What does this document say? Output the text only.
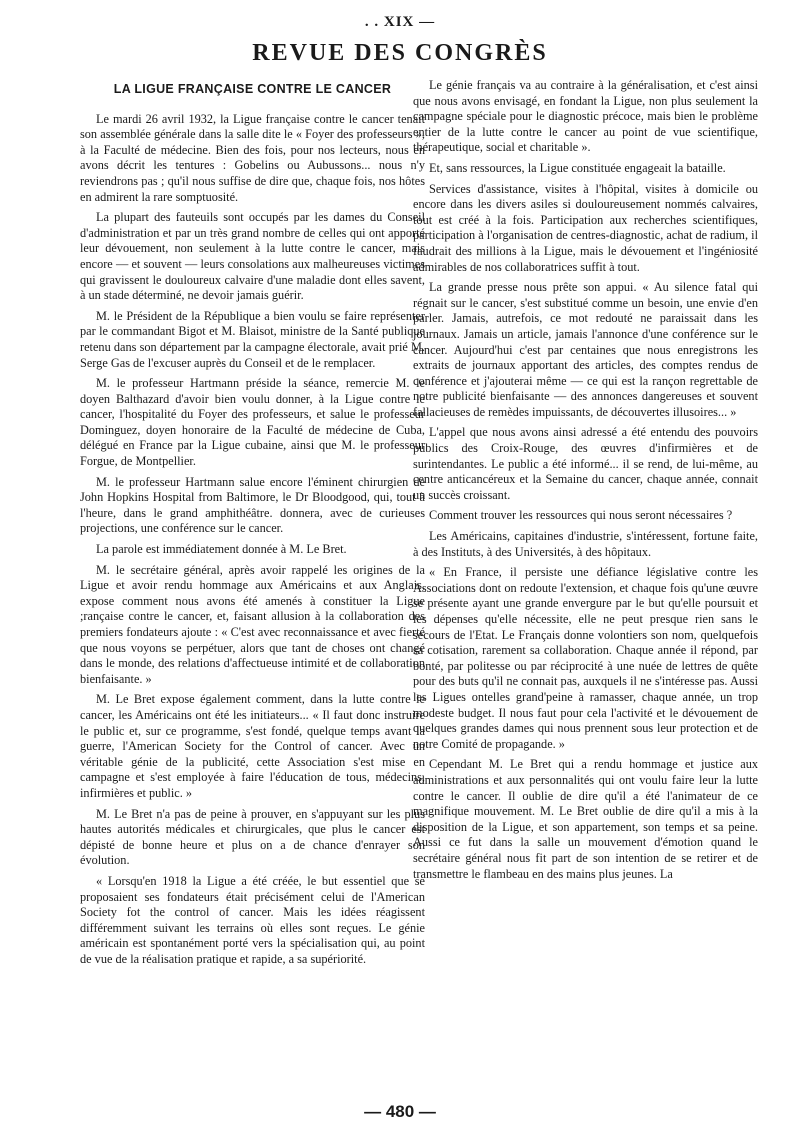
. . XIX —
REVUE DES CONGRÈS
LA LIGUE FRANÇAISE CONTRE LE CANCER

Le mardi 26 avril 1932, la Ligue française contre le cancer tenait son assemblée générale dans la salle dite le « Foyer des professeurs », à la Faculté de médecine. Bien des fois, pour nos lecteurs, nous en avons décrit les tentures : Gobelins ou Aubussons... nous n'y reviendrons pas ; qu'il nous suffise de dire que, chaque fois, nos hôtes en admirent la rare somptuosité.

La plupart des fauteuils sont occupés par les dames du Conseil d'administration et par un très grand nombre de celles qui ont apporté leur dévouement, non seulement à la lutte contre le cancer, mais encore — et souvent — leurs consolations aux malheureuses victimes qui gravissent le douloureux calvaire d'une maladie dont elles savent, à un stade déterminé, ne devoir jamais guérir.

M. le Président de la République a bien voulu se faire représenter par le commandant Bigot et M. Blaisot, ministre de la Santé publique retenu dans son département par la campagne électorale, avait prié M. Serge Gas de l'excuser auprès du Conseil et de le remplacer.

M. le professeur Hartmann préside la séance, remercie M. le doyen Balthazard d'avoir bien voulu donner, à la Ligue contre le cancer, l'hospitalité du Foyer des professeurs, et salue le professeur Dominguez, doyen honoraire de la Faculté de médecine de Cuba, délégué en France par la Ligue cubaine, ainsi que M. le professeur Forgue, de Montpellier.

M. le professeur Hartmann salue encore l'éminent chirurgien de John Hopkins Hospital from Baltimore, le Dr Bloodgood, qui, tout à l'heure, dans le grand amphithéâtre. donnera, avec de curieuses projections, une conférence sur le cancer.

La parole est immédiatement donnée à M. Le Bret.

M. le secrétaire général, après avoir rappelé les origines de la Ligue et avoir rendu hommage aux Américains et aux Anglais, expose comment nous avons été amenés à constituer la Ligue ;rançaise contre le cancer, et, faisant allusion à la collaboration des premiers fondateurs ajoute : « C'est avec reconnaissance et avec fierté que nous voyons se perpétuer, alors que tant de choses ont changé dans le monde, des relations d'affectueuse intimité et de collaboration bienfaisante. »

M. Le Bret expose également comment, dans la lutte contre le cancer, les Américains ont été les initiateurs... « Il faut donc instruire le public et, sur ce programme, s'est fondé, quelque temps avant la guerre, l'American Society for the Control of cancer. Avec un véritable génie de la publicité, cette Association s'est mise en campagne et s'est employée à faire l'éducation de tous, médecins, infirmières et public. »

M. Le Bret n'a pas de peine à prouver, en s'appuyant sur les plus hautes autorités médicales et chirurgicales, que plus le cancer est dépisté de bonne heure et plus on a de chance d'enrayer son évolution.

« Lorsqu'en 1918 la Ligue a été créée, le but essentiel que se proposaient ses fondateurs était précisément celui de l'American Society fot the control of cancer. Mais les idées réagissent différemment suivant les terrains où elles sont reçues. Le génie américain est spontanément porté vers la spécialisation qui, au point de vue de la réalisation pratique et rapide, a sa supériorité.

Le génie français va au contraire à la généralisation, et c'est ainsi que nous avons envisagé, en fondant la Ligue, non plus seulement la campagne spéciale pour le diagnostic précoce, mais bien le problème entier de la lutte contre le cancer au point de vue scientifique, thérapeutique, social et charitable ».

Et, sans ressources, la Ligue constituée engageait la bataille.

Services d'assistance, visites à l'hôpital, visites à domicile ou encore dans les divers asiles si douloureusement nommés calvaires, tout est créé à la fois. Participation aux recherches scientifiques, participation à l'organisation de centres-diagnostic, achat de radium, il faudrait des millions à la Ligue, mais le dévouement et l'ingéniosité admirables de nos collaboratrices suffit à tout.

La grande presse nous prête son appui. « Au silence fatal qui régnait sur le cancer, s'est substitué comme un besoin, une envie d'en parler. Jamais, autrefois, ce mot redouté ne paraissait dans les journaux. Jamais un article, jamais l'annonce d'une conférence sur le cancer. Aujourd'hui c'est par centaines que nous enregistrons les extraits de journaux apportant des articles, des comptes rendus de conférence et j'ajouterai même — ce qui est la rançon regrettable de notre publicité bienfaisante — des annonces dangereuses et souvent fallacieuses de remèdes impuissants, de découvertes illusoires... »

L'appel que nous avons ainsi adressé a été entendu des pouvoirs publics des Croix-Rouge, des œuvres d'infirmières et de surintendantes. Le public a été informé... il se rend, de lui-même, au centre anticancéreux et la Semaine du cancer, chaque année, connait un succès croissant.

Comment trouver les ressources qui nous seront nécessaires ?

Les Américains, capitaines d'industrie, s'intéressent, fortune faite, à des Instituts, à des Universités, à des hôpitaux.

« En France, il persiste une défiance législative contre les Associations dont on redoute l'extension, et chaque fois qu'une œuvre se présente ayant une grande envergure par le but qu'elle poursuit et les dépenses qu'elle nécessite, elle ne peut presque rien sans le secours de l'Etat. Le Français donne volontiers son nom, quelquefois sa cotisation, rarement sa collaboration. Chaque année il répond, par bonté, par politesse ou par réciprocité à une nuée de lettres de quête pour des buts qu'il ne connait pas, auxquels il ne s'intéresse pas. Aussi les Ligues ontelles grand'peine à ramasser, chaque année, un trop modeste budget. Il nous faut pour cela l'activité et le dévouement de quelques grandes dames qui nous prennent sous leur protection et de notre Comité de propagande. »

Cependant M. Le Bret qui a rendu hommage et justice aux administrations et aux personnalités qui ont voulu faire leur la lutte contre le cancer. Il oublie de dire qu'il a été l'animateur de ce magnifique mouvement. M. Le Bret oublie de dire qu'il a mis à la disposition de la Ligue, et son appartement, son temps et sa peine. Aussi ce fut dans la salle un mouvement d'émotion quand le secrétaire général nous fit part de son intention de se retirer et de transmettre le flambeau en des mains plus jeunes. La

— 480 —
